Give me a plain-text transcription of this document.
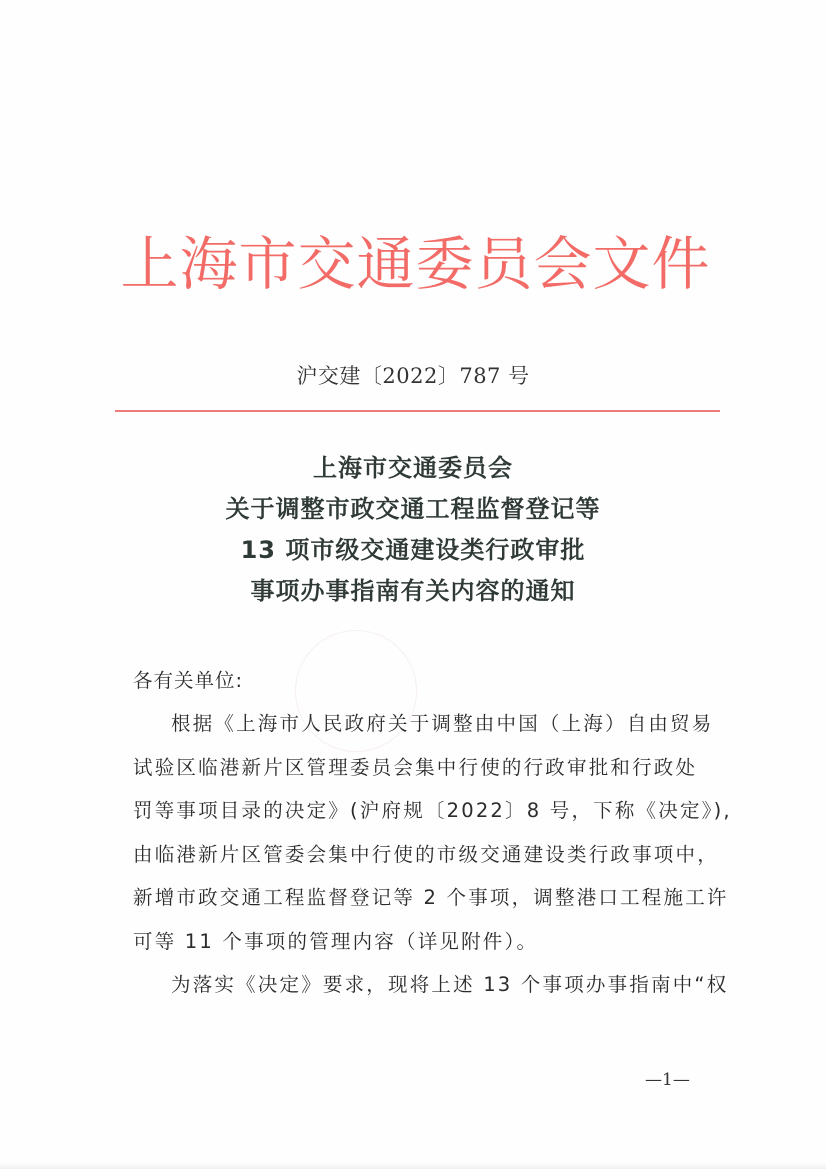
上 海 市 交 通 委 员 会 文 件
沪交建〔2022〕787 号
上海市交通委员会
关于调整市政交通工程监督登记等
13 项市级交通建设类行政审批
事项办事指南有关内容的通知
各有关单位:
根据《上海市人民政府关于调整由中国（上海）自由贸易
试验区临港新片区管理委员会集中行使的行政审批和行政处
罚等事项目录的决定》(沪府规〔2022〕8 号，下称《决定》),
由临港新片区管委会集中行使的市级交通建设类行政事项中，
新增市政交通工程监督登记等 2 个事项，调整港口工程施工许
可等 11 个事项的管理内容（详见附件）。
为落实《决定》要求，现将上述 13 个事项办事指南中“权
—1—
